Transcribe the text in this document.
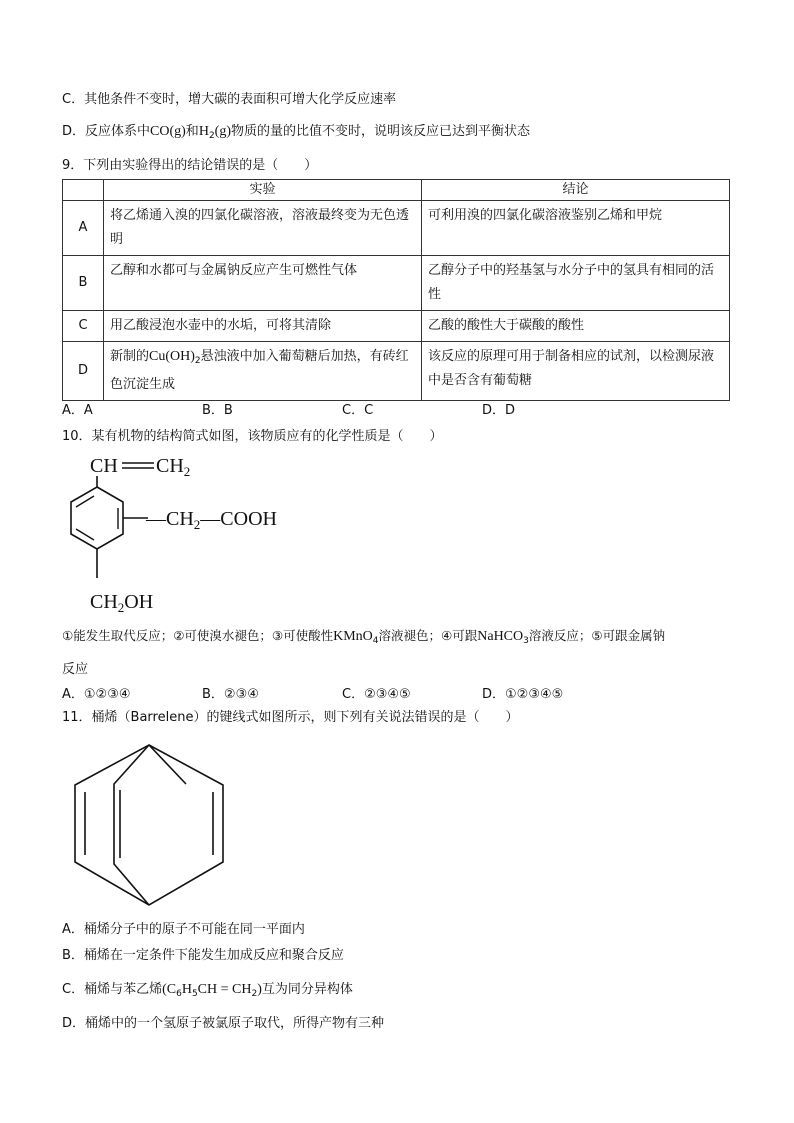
C．其他条件不变时，增大碳的表面积可增大化学反应速率
D．反应体系中CO(g)和$H_2(g)$物质的量的比值不变时，说明该反应已达到平衡状态
9．下列由实验得出的结论错误的是（　　）
	实验	结论
A	将乙烯通入溴的四氯化碳溶液，溶液最终变为无色透明	可利用溴的四氯化碳溶液鉴别乙烯和甲烷
B	乙醇和水都可与金属钠反应产生可燃性气体	乙醇分子中的羟基氢与水分子中的氢具有相同的活性
C	用乙酸浸泡水壶中的水垢，可将其清除	乙酸的酸性大于碳酸的酸性
D	新制的$Cu(OH)_2$悬浊液中加入葡萄糖后加热，有砖红色沉淀生成	该反应的原理可用于制备相应的试剂，以检测尿液中是否含有葡萄糖
A．A	B．B	C．C	D．D
10．某有机物的结构简式如图，该物质应有的化学性质是（　　）
CH $CH_2$
$—CH_2—COOH$
$CH_2OH$
①能发生取代反应；②可使溴水褪色；③可使酸性KMnO$_4$溶液褪色；④可跟NaHCO$_3$溶液反应；⑤可跟金属钠
反应
A．①②③④	B．②③④	C．②③④⑤	D．①②③④⑤
11．桶烯（Barrelene）的键线式如图所示，则下列有关说法错误的是（　　）
A．桶烯分子中的原子不可能在同一平面内
B．桶烯在一定条件下能发生加成反应和聚合反应
C．桶烯与苯乙烯$(C_6H_5CH = CH_2)$互为同分异构体
D．桶烯中的一个氢原子被氯原子取代，所得产物有三种
